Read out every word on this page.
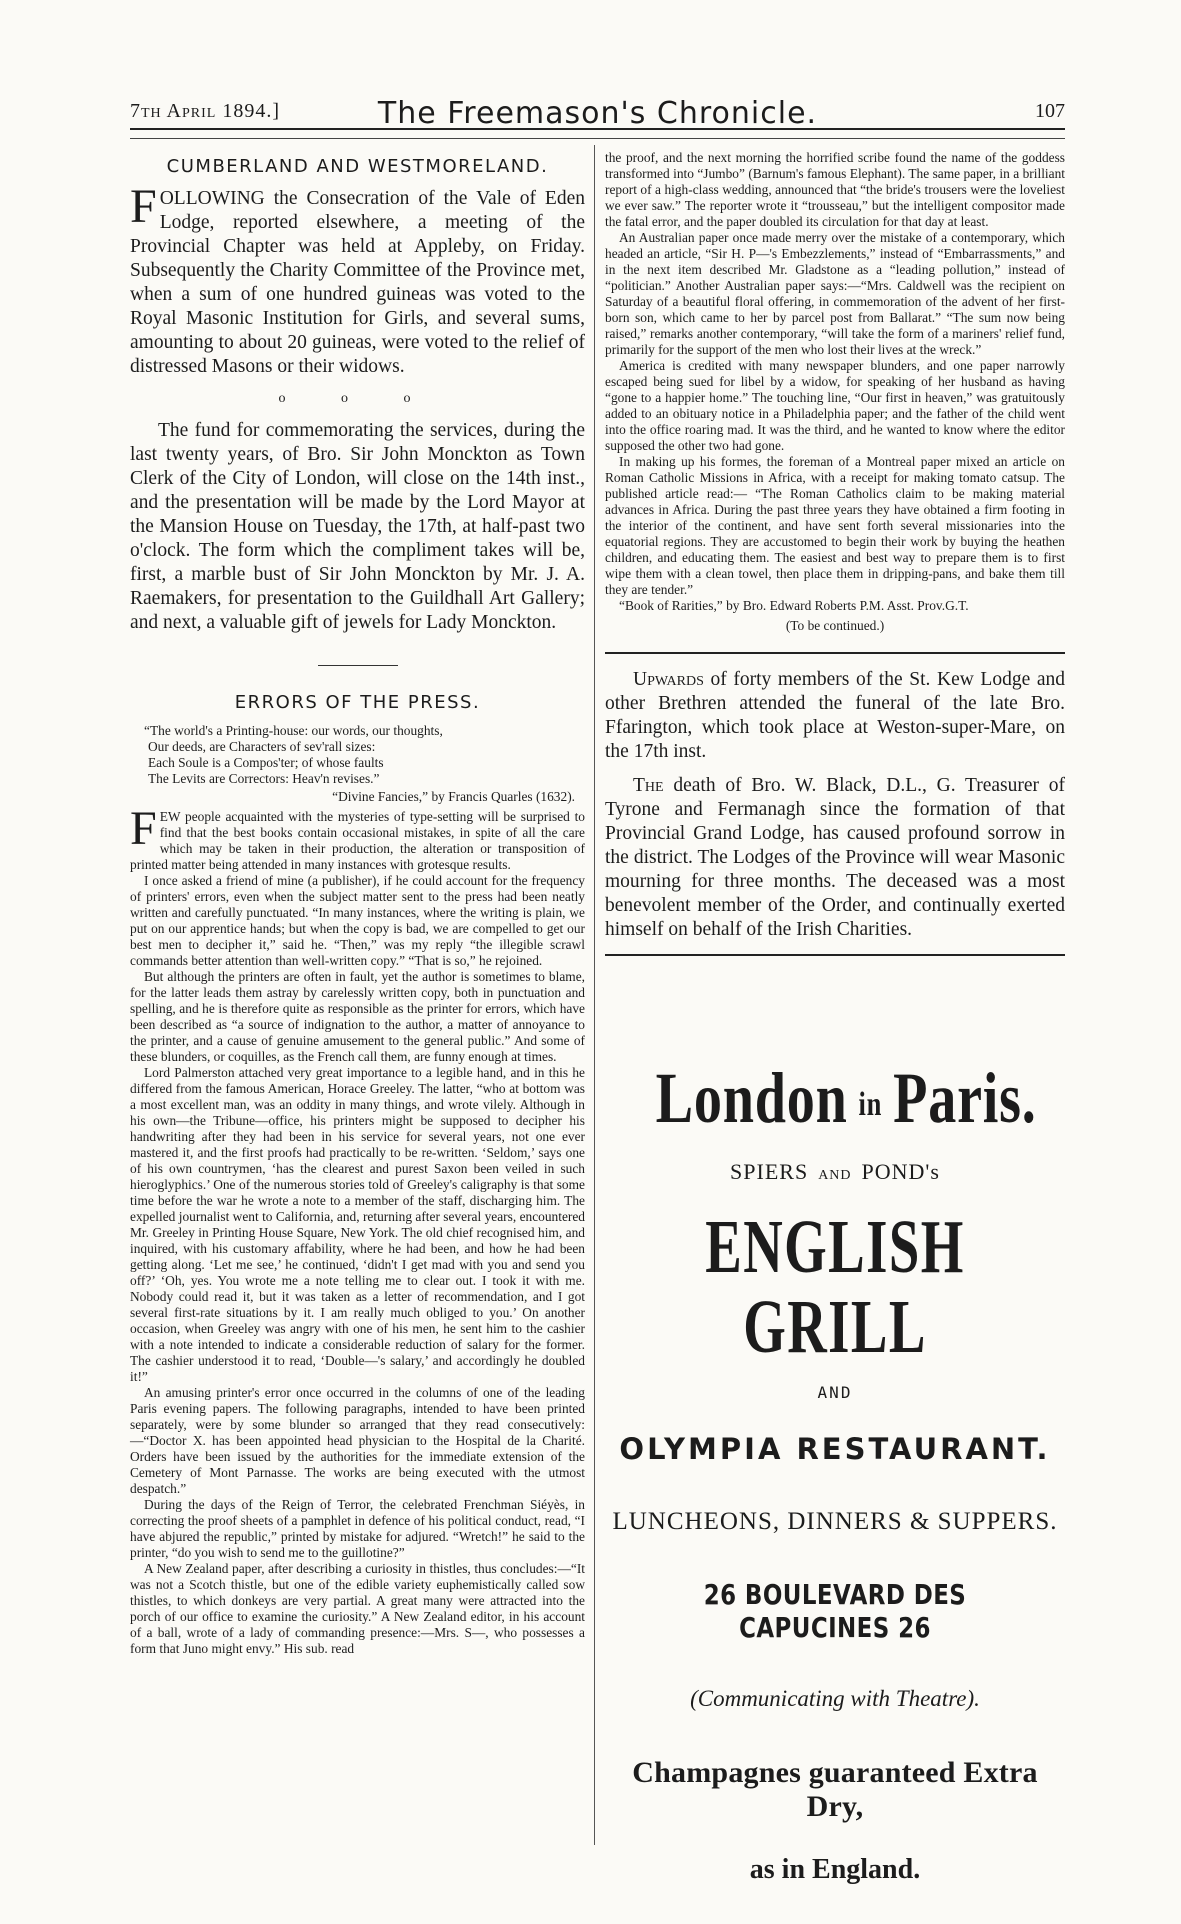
7th April 1894.]	The Freemason's Chronicle.	107
CUMBERLAND AND WESTMORELAND.

FOLLOWING the Consecration of the Vale of Eden Lodge, reported elsewhere, a meeting of the Provincial Chapter was held at Appleby, on Friday. Subsequently the Charity Committee of the Province met, when a sum of one hundred guineas was voted to the Royal Masonic Institution for Girls, and several sums, amounting to about 20 guineas, were voted to the relief of distressed Masons or their widows.

o o o

The fund for commemorating the services, during the last twenty years, of Bro. Sir John Monckton as Town Clerk of the City of London, will close on the 14th inst., and the presentation will be made by the Lord Mayor at the Mansion House on Tuesday, the 17th, at half-past two o'clock. The form which the compliment takes will be, first, a marble bust of Sir John Monckton by Mr. J. A. Raemakers, for presentation to the Guildhall Art Gallery; and next, a valuable gift of jewels for Lady Monckton.

ERRORS OF THE PRESS.
“The world's a Printing-house: our words, our thoughts,
Our deeds, are Characters of sev'rall sizes:
Each Soule is a Compos'ter; of whose faults
The Levits are Correctors: Heav'n revises.”
“Divine Fancies,” by Francis Quarles (1632).

FEW people acquainted with the mysteries of type-setting will be surprised to find that the best books contain occasional mistakes, in spite of all the care which may be taken in their production, the alteration or transposition of printed matter being attended in many instances with grotesque results.

I once asked a friend of mine (a publisher), if he could account for the frequency of printers' errors, even when the subject matter sent to the press had been neatly written and carefully punctuated. “In many instances, where the writing is plain, we put on our apprentice hands; but when the copy is bad, we are compelled to get our best men to decipher it,” said he. “Then,” was my reply “the illegible scrawl commands better attention than well-written copy.” “That is so,” he rejoined.

But although the printers are often in fault, yet the author is sometimes to blame, for the latter leads them astray by carelessly written copy, both in punctuation and spelling, and he is therefore quite as responsible as the printer for errors, which have been described as “a source of indignation to the author, a matter of annoyance to the printer, and a cause of genuine amusement to the general public.” And some of these blunders, or coquilles, as the French call them, are funny enough at times.

Lord Palmerston attached very great importance to a legible hand, and in this he differed from the famous American, Horace Greeley. The latter, “who at bottom was a most excellent man, was an oddity in many things, and wrote vilely. Although in his own—the Tribune—office, his printers might be supposed to decipher his handwriting after they had been in his service for several years, not one ever mastered it, and the first proofs had practically to be re-written. ‘Seldom,’ says one of his own countrymen, ‘has the clearest and purest Saxon been veiled in such hieroglyphics.’ One of the numerous stories told of Greeley's caligraphy is that some time before the war he wrote a note to a member of the staff, discharging him. The expelled journalist went to California, and, returning after several years, encountered Mr. Greeley in Printing House Square, New York. The old chief recognised him, and inquired, with his customary affability, where he had been, and how he had been getting along. ‘Let me see,’ he continued, ‘didn't I get mad with you and send you off?’ ‘Oh, yes. You wrote me a note telling me to clear out. I took it with me. Nobody could read it, but it was taken as a letter of recommendation, and I got several first-rate situations by it. I am really much obliged to you.’ On another occasion, when Greeley was angry with one of his men, he sent him to the cashier with a note intended to indicate a considerable reduction of salary for the former. The cashier understood it to read, ‘Double—'s salary,’ and accordingly he doubled it!”

An amusing printer's error once occurred in the columns of one of the leading Paris evening papers. The following paragraphs, intended to have been printed separately, were by some blunder so arranged that they read consecutively:—“Doctor X. has been appointed head physician to the Hospital de la Charité. Orders have been issued by the authorities for the immediate extension of the Cemetery of Mont Parnasse. The works are being executed with the utmost despatch.”

During the days of the Reign of Terror, the celebrated Frenchman Siéyès, in correcting the proof sheets of a pamphlet in defence of his political conduct, read, “I have abjured the republic,” printed by mistake for adjured. “Wretch!” he said to the printer, “do you wish to send me to the guillotine?”

A New Zealand paper, after describing a curiosity in thistles, thus concludes:—“It was not a Scotch thistle, but one of the edible variety euphemistically called sow thistles, to which donkeys are very partial. A great many were attracted into the porch of our office to examine the curiosity.” A New Zealand editor, in his account of a ball, wrote of a lady of commanding presence:—Mrs. S—, who possesses a form that Juno might envy.” His sub. read

the proof, and the next morning the horrified scribe found the name of the goddess transformed into “Jumbo” (Barnum's famous Elephant). The same paper, in a brilliant report of a high-class wedding, announced that “the bride's trousers were the loveliest we ever saw.” The reporter wrote it “trousseau,” but the intelligent compositor made the fatal error, and the paper doubled its circulation for that day at least.

An Australian paper once made merry over the mistake of a contemporary, which headed an article, “Sir H. P—'s Embezzlements,” instead of “Embarrassments,” and in the next item described Mr. Gladstone as a “leading pollution,” instead of “politician.” Another Australian paper says:—“Mrs. Caldwell was the recipient on Saturday of a beautiful floral offering, in commemoration of the advent of her first-born son, which came to her by parcel post from Ballarat.” “The sum now being raised,” remarks another contemporary, “will take the form of a mariners' relief fund, primarily for the support of the men who lost their lives at the wreck.”

America is credited with many newspaper blunders, and one paper narrowly escaped being sued for libel by a widow, for speaking of her husband as having “gone to a happier home.” The touching line, “Our first in heaven,” was gratuitously added to an obituary notice in a Philadelphia paper; and the father of the child went into the office roaring mad. It was the third, and he wanted to know where the editor supposed the other two had gone.

In making up his formes, the foreman of a Montreal paper mixed an article on Roman Catholic Missions in Africa, with a receipt for making tomato catsup. The published article read:— “The Roman Catholics claim to be making material advances in Africa. During the past three years they have obtained a firm footing in the interior of the continent, and have sent forth several missionaries into the equatorial regions. They are accustomed to begin their work by buying the heathen children, and educating them. The easiest and best way to prepare them is to first wipe them with a clean towel, then place them in dripping-pans, and bake them till they are tender.”

“Book of Rarities,” by Bro. Edward Roberts P.M. Asst. Prov.G.T.

(To be continued.)

Upwards of forty members of the St. Kew Lodge and other Brethren attended the funeral of the late Bro. Ffarington, which took place at Weston-super-Mare, on the 17th inst.

The death of Bro. W. Black, D.L., G. Treasurer of Tyrone and Fermanagh since the formation of that Provincial Grand Lodge, has caused profound sorrow in the district. The Lodges of the Province will wear Masonic mourning for three months. The deceased was a most benevolent member of the Order, and continually exerted himself on behalf of the Irish Charities.

London in Paris.
SPIERS AND POND's
ENGLISH GRILL
AND
OLYMPIA RESTAURANT.
LUNCHEONS, DINNERS & SUPPERS.
26 BOULEVARD DES CAPUCINES 26
(Communicating with Theatre).
Champagnes guaranteed Extra Dry,
as in England.
